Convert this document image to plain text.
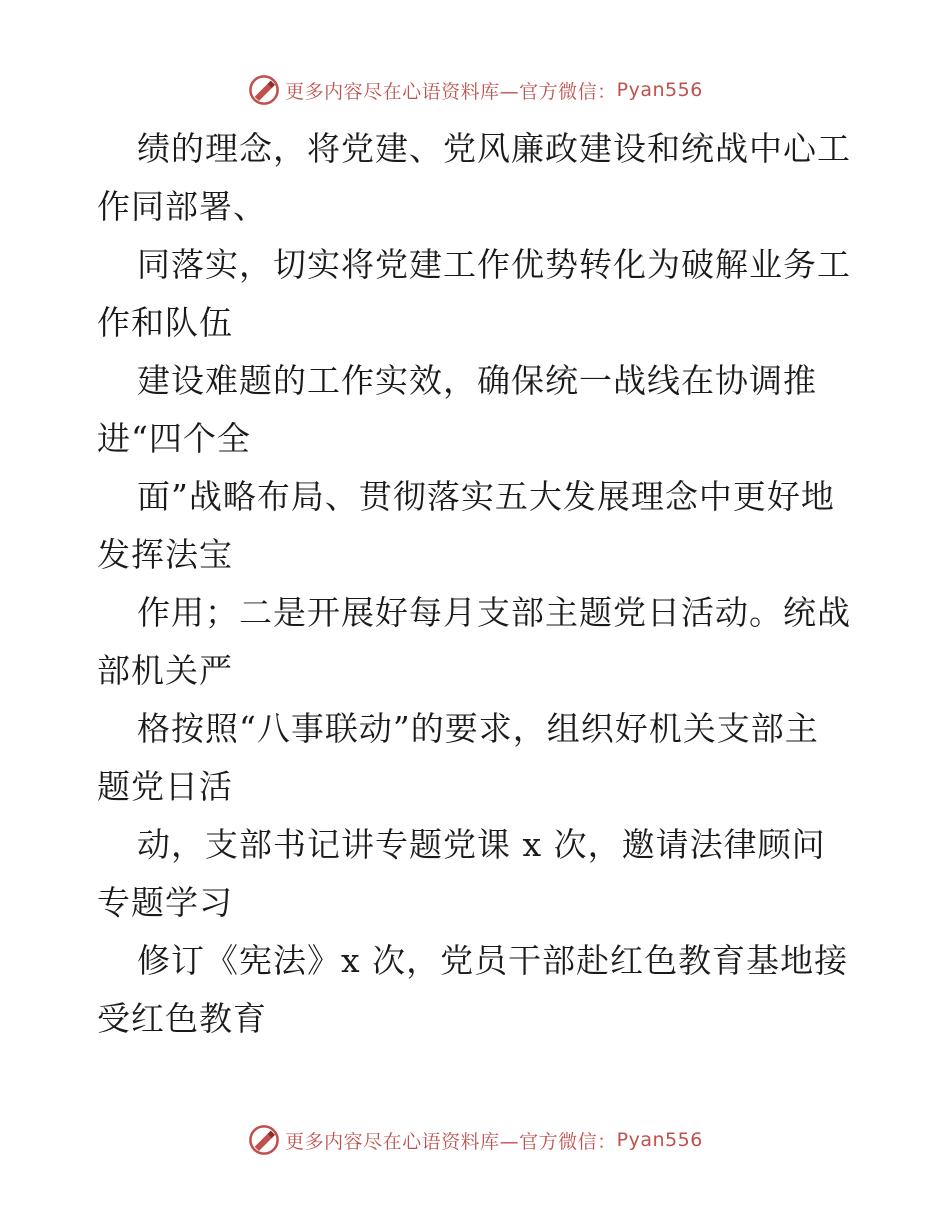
更多内容尽在心语资料库—官方微信： Pyan556
绩的理念，将党建、党风廉政建设和统战中心工
作同部署、
同落实，切实将党建工作优势转化为破解业务工
作和队伍
建设难题的工作实效，确保统一战线在协调推
进“四个全
面”战略布局、贯彻落实五大发展理念中更好地
发挥法宝
作用；二是开展好每月支部主题党日活动。统战
部机关严
格按照“八事联动”的要求，组织好机关支部主
题党日活
动，支部书记讲专题党课 x 次，邀请法律顾问
专题学习
修订《宪法》x 次，党员干部赴红色教育基地接
受红色教育
更多内容尽在心语资料库—官方微信： Pyan556
